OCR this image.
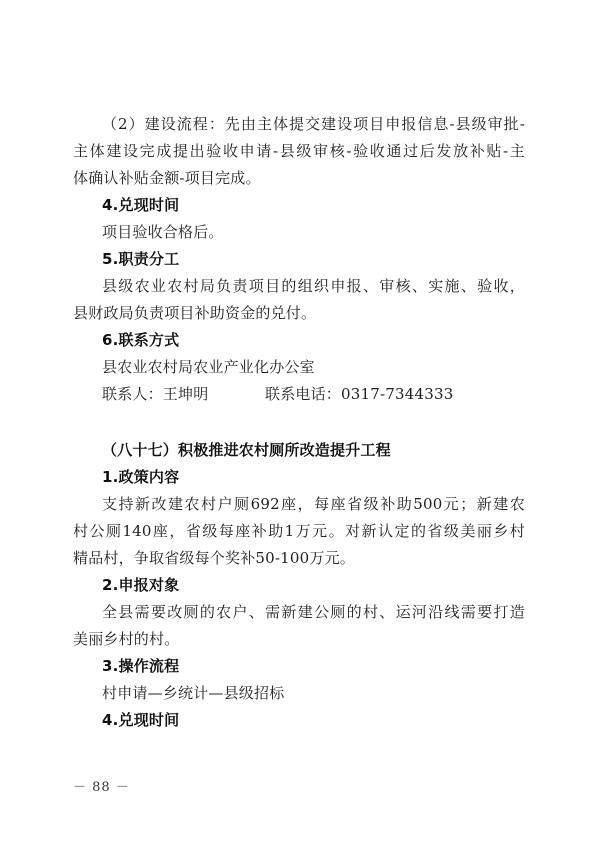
（2）建设流程：先由主体提交建设项目申报信息-县级审批-
主体建设完成提出验收申请-县级审核-验收通过后发放补贴-主
体确认补贴金额-项目完成。
4.兑现时间
项目验收合格后。
5.职责分工
县级农业农村局负责项目的组织申报、审核、实施、验收，
县财政局负责项目补助资金的兑付。
6.联系方式
县农业农村局农业产业化办公室
联系人：王坤明	联系电话：0317-7344333
（八十七）积极推进农村厕所改造提升工程
1.政策内容
支持新改建农村户厕692座，每座省级补助500元；新建农
村公厕140座，省级每座补助1万元。对新认定的省级美丽乡村
精品村，争取省级每个奖补50-100万元。
2.申报对象
全县需要改厕的农户、需新建公厕的村、运河沿线需要打造
美丽乡村的村。
3.操作流程
村申请—乡统计—县级招标
4.兑现时间
－ 88 －
